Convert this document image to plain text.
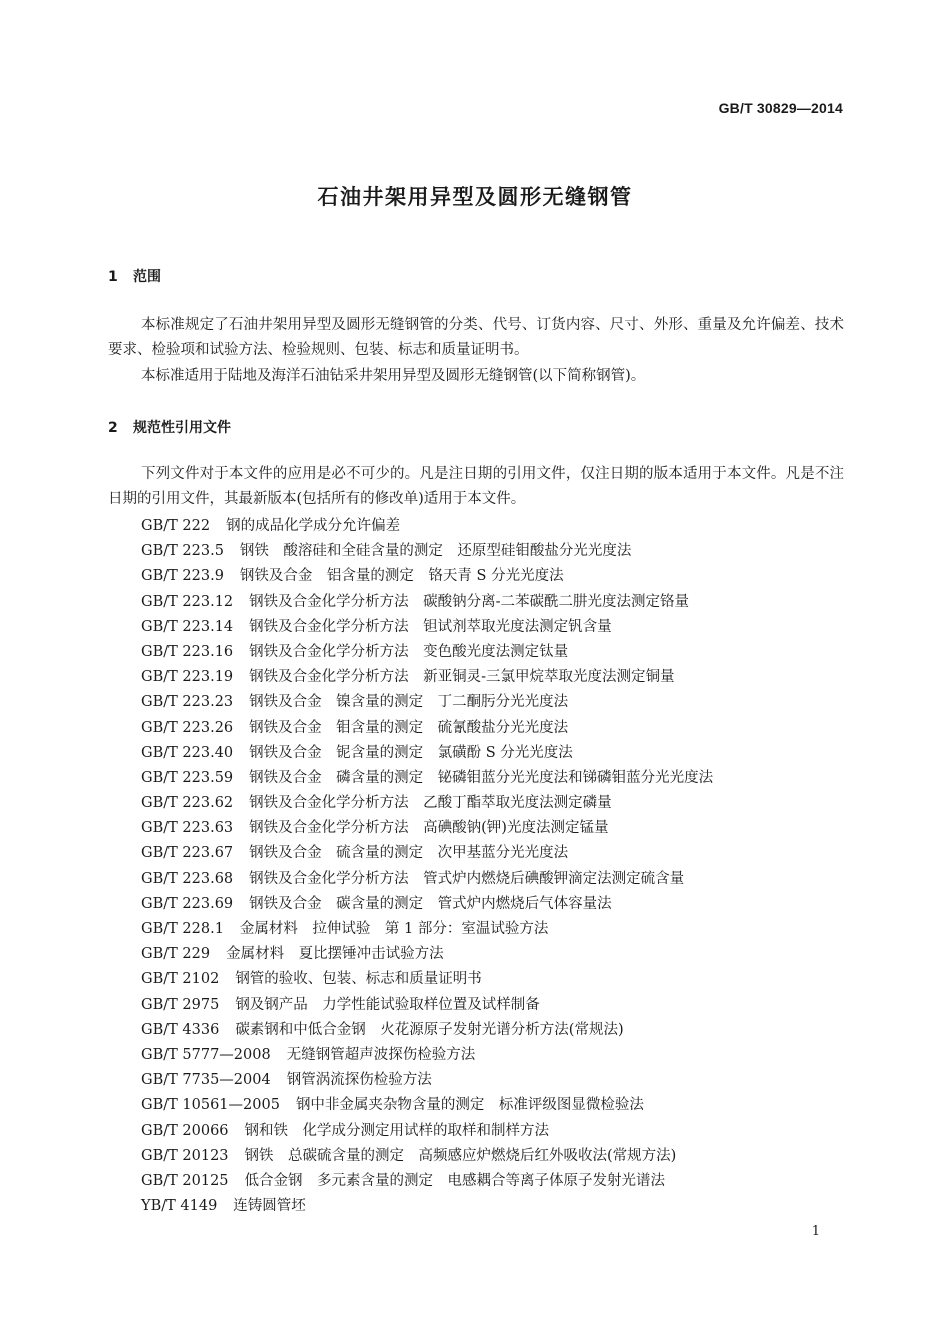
GB/T 30829—2014
石油井架用异型及圆形无缝钢管
1 范围

本标准规定了石油井架用异型及圆形无缝钢管的分类、代号、订货内容、尺寸、外形、重量及允许偏差、技术要求、检验项和试验方法、检验规则、包装、标志和质量证明书。

本标准适用于陆地及海洋石油钻采井架用异型及圆形无缝钢管(以下简称钢管)。

2 规范性引用文件

下列文件对于本文件的应用是必不可少的。凡是注日期的引用文件，仅注日期的版本适用于本文件。凡是不注日期的引用文件，其最新版本(包括所有的修改单)适用于本文件。

GB/T 222 钢的成品化学成分允许偏差
GB/T 223.5 钢铁　酸溶硅和全硅含量的测定　还原型硅钼酸盐分光光度法
GB/T 223.9 钢铁及合金　铝含量的测定　铬天青 S 分光光度法
GB/T 223.12 钢铁及合金化学分析方法　碳酸钠分离-二苯碳酰二肼光度法测定铬量
GB/T 223.14 钢铁及合金化学分析方法　钽试剂萃取光度法测定钒含量
GB/T 223.16 钢铁及合金化学分析方法　变色酸光度法测定钛量
GB/T 223.19 钢铁及合金化学分析方法　新亚铜灵-三氯甲烷萃取光度法测定铜量
GB/T 223.23 钢铁及合金　镍含量的测定　丁二酮肟分光光度法
GB/T 223.26 钢铁及合金　钼含量的测定　硫氰酸盐分光光度法
GB/T 223.40 钢铁及合金　铌含量的测定　氯磺酚 S 分光光度法
GB/T 223.59 钢铁及合金　磷含量的测定　铋磷钼蓝分光光度法和锑磷钼蓝分光光度法
GB/T 223.62 钢铁及合金化学分析方法　乙酸丁酯萃取光度法测定磷量
GB/T 223.63 钢铁及合金化学分析方法　高碘酸钠(钾)光度法测定锰量
GB/T 223.67 钢铁及合金　硫含量的测定　次甲基蓝分光光度法
GB/T 223.68 钢铁及合金化学分析方法　管式炉内燃烧后碘酸钾滴定法测定硫含量
GB/T 223.69 钢铁及合金　碳含量的测定　管式炉内燃烧后气体容量法
GB/T 228.1 金属材料　拉伸试验　第 1 部分：室温试验方法
GB/T 229 金属材料　夏比摆锤冲击试验方法
GB/T 2102 钢管的验收、包装、标志和质量证明书
GB/T 2975 钢及钢产品　力学性能试验取样位置及试样制备
GB/T 4336 碳素钢和中低合金钢　火花源原子发射光谱分析方法(常规法)
GB/T 5777—2008 无缝钢管超声波探伤检验方法
GB/T 7735—2004 钢管涡流探伤检验方法
GB/T 10561—2005 钢中非金属夹杂物含量的测定　标准评级图显微检验法
GB/T 20066 钢和铁　化学成分测定用试样的取样和制样方法
GB/T 20123 钢铁　总碳硫含量的测定　高频感应炉燃烧后红外吸收法(常规方法)
GB/T 20125 低合金钢　多元素含量的测定　电感耦合等离子体原子发射光谱法
YB/T 4149 连铸圆管坯
1
